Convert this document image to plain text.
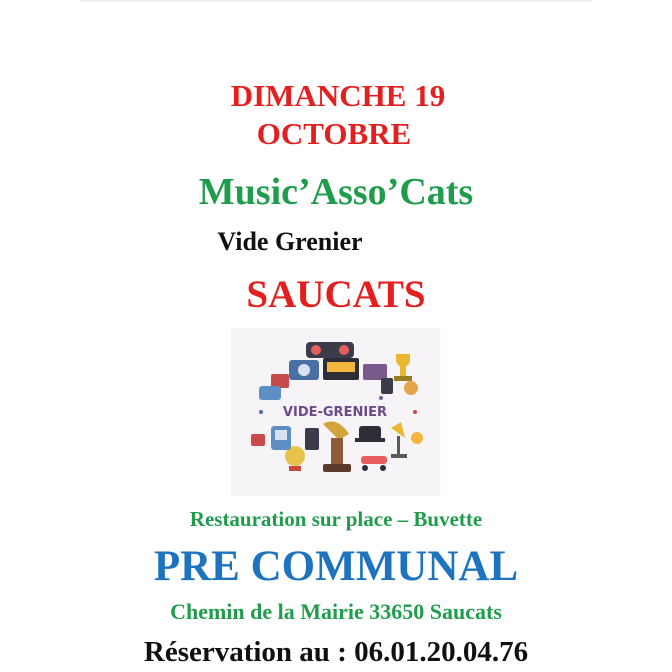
DIMANCHE 19
OCTOBRE
Music’Asso’Cats
Vide Grenier
SAUCATS
VIDE-GRENIER
Restauration sur place – Buvette
PRE COMMUNAL
Chemin de la Mairie 33650 Saucats
Réservation au : 06.01.20.04.76
